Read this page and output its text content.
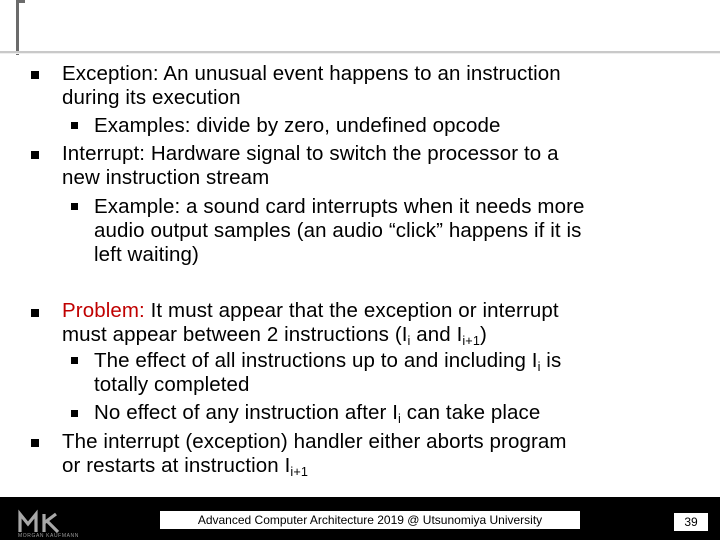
Exception: An unusual event happens to an instruction
during its execution
Examples: divide by zero, undefined opcode
Interrupt: Hardware signal to switch the processor to a
new instruction stream
Example: a sound card interrupts when it needs more
audio output samples (an audio “click” happens if it is
left waiting)
Problem: It must appear that the exception or interrupt
must appear between 2 instructions ($I_i$ and $I_{i+1}$)
The effect of all instructions up to and including $I_i$ is
totally completed
No effect of any instruction after $I_i$ can take place
The interrupt (exception) handler either aborts program
or restarts at instruction $I_{i+1}$
MORGAN KAUFMANN
Advanced Computer Architecture 2019 @ Utsunomiya University	39
